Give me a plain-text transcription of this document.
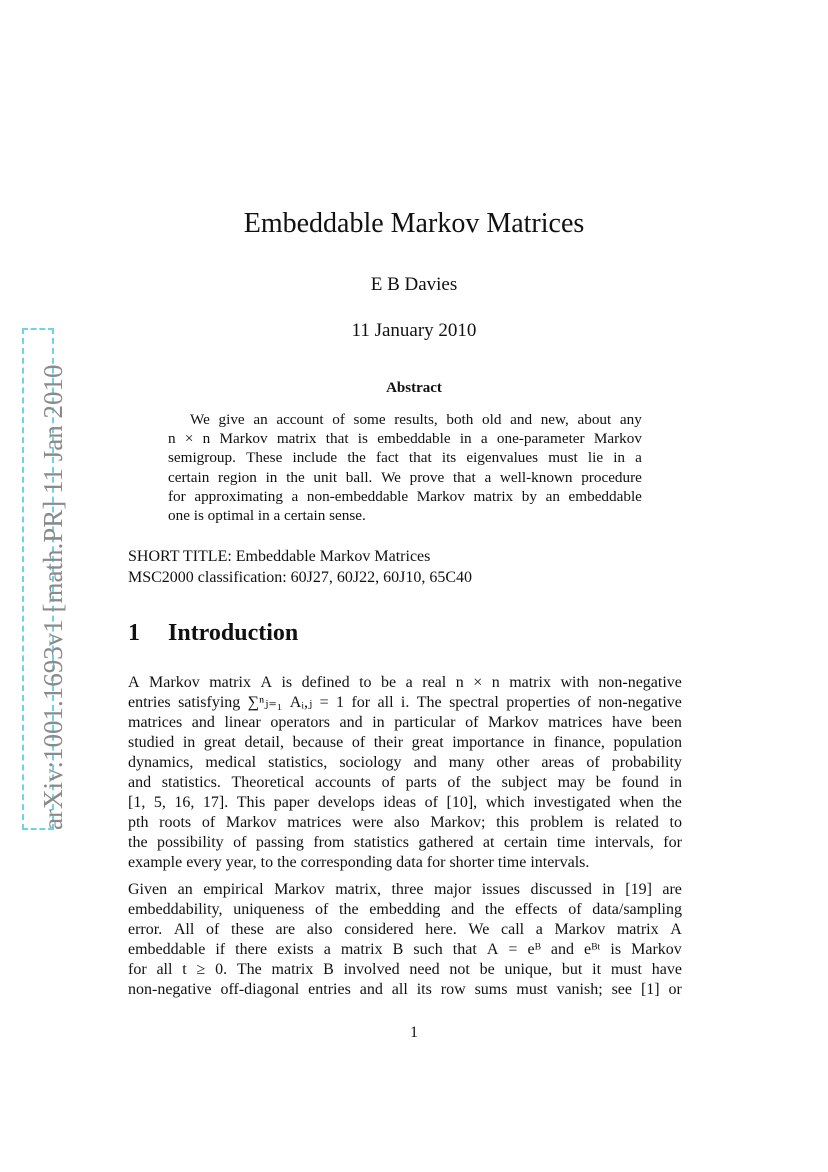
arXiv:1001.1693v1 [math.PR] 11 Jan 2010
Embeddable Markov Matrices
E B Davies
11 January 2010
Abstract
We give an account of some results, both old and new, about any
n × n Markov matrix that is embeddable in a one-parameter Markov
semigroup. These include the fact that its eigenvalues must lie in a
certain region in the unit ball. We prove that a well-known procedure
for approximating a non-embeddable Markov matrix by an embeddable
one is optimal in a certain sense.
SHORT TITLE: Embeddable Markov Matrices
MSC2000 classification: 60J27, 60J22, 60J10, 65C40
1 Introduction
A Markov matrix A is defined to be a real n × n matrix with non-negative
entries satisfying ∑ⁿⱼ₌₁ Aᵢ,ⱼ = 1 for all i. The spectral properties of non-negative
matrices and linear operators and in particular of Markov matrices have been
studied in great detail, because of their great importance in finance, population
dynamics, medical statistics, sociology and many other areas of probability
and statistics. Theoretical accounts of parts of the subject may be found in
[1, 5, 16, 17]. This paper develops ideas of [10], which investigated when the
pth roots of Markov matrices were also Markov; this problem is related to
the possibility of passing from statistics gathered at certain time intervals, for
example every year, to the corresponding data for shorter time intervals.
Given an empirical Markov matrix, three major issues discussed in [19] are
embeddability, uniqueness of the embedding and the effects of data/sampling
error. All of these are also considered here. We call a Markov matrix A
embeddable if there exists a matrix B such that A = eᴮ and eᴮᵗ is Markov
for all t ≥ 0. The matrix B involved need not be unique, but it must have
non-negative off-diagonal entries and all its row sums must vanish; see [1] or
1
